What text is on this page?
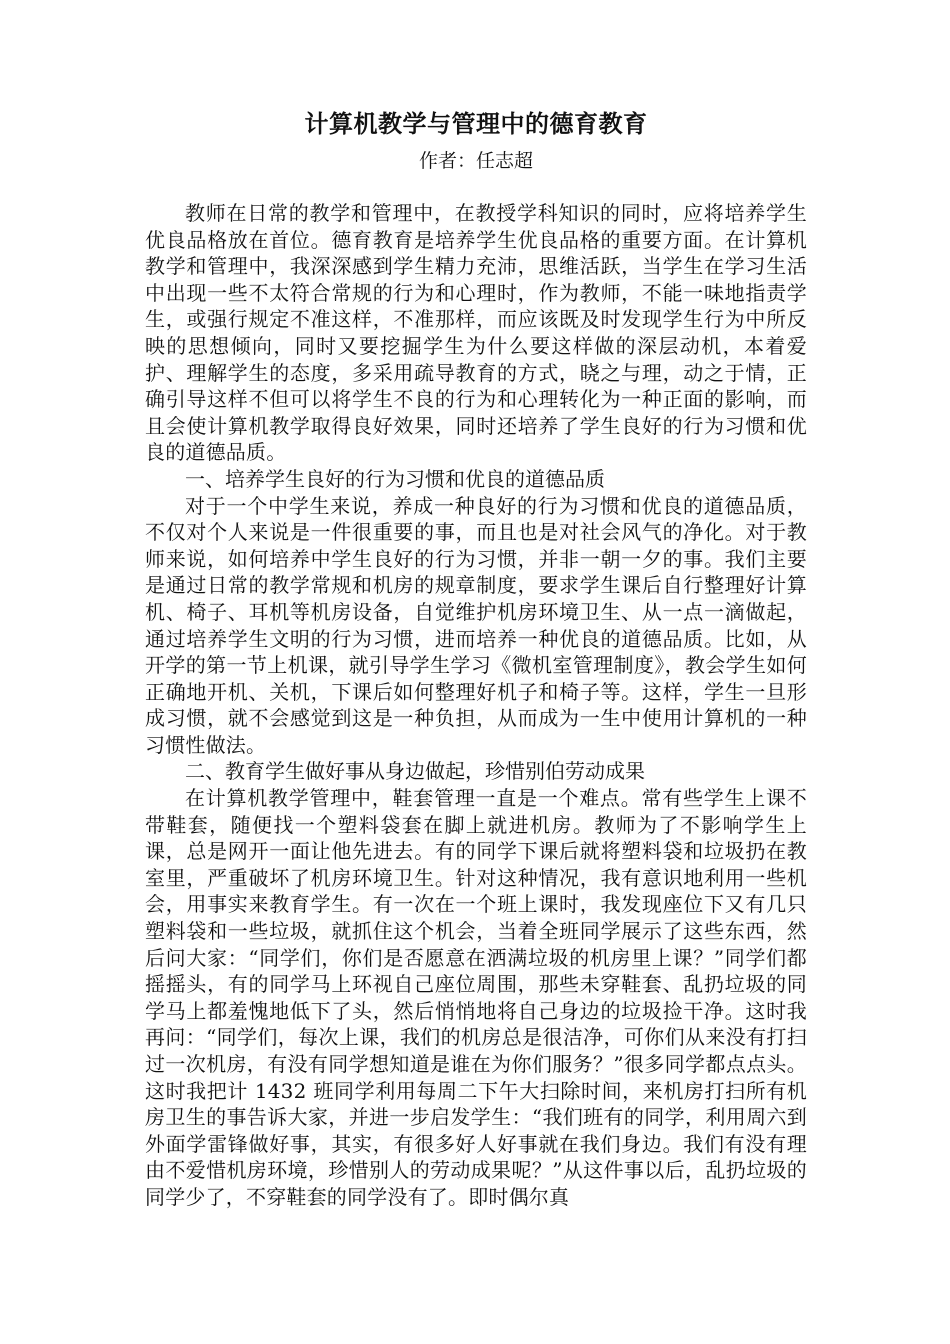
计算机教学与管理中的德育教育
作者：任志超

教师在日常的教学和管理中，在教授学科知识的同时，应将培养学生优良品格放在首位。德育教育是培养学生优良品格的重要方面。在计算机教学和管理中，我深深感到学生精力充沛，思维活跃，当学生在学习生活中出现一些不太符合常规的行为和心理时，作为教师，不能一味地指责学生，或强行规定不准这样，不准那样，而应该既及时发现学生行为中所反映的思想倾向，同时又要挖掘学生为什么要这样做的深层动机，本着爱护、理解学生的态度，多采用疏导教育的方式，晓之与理，动之于情，正确引导这样不但可以将学生不良的行为和心理转化为一种正面的影响，而且会使计算机教学取得良好效果，同时还培养了学生良好的行为习惯和优良的道德品质。

一、培养学生良好的行为习惯和优良的道德品质

对于一个中学生来说，养成一种良好的行为习惯和优良的道德品质，不仅对个人来说是一件很重要的事，而且也是对社会风气的净化。对于教师来说，如何培养中学生良好的行为习惯，并非一朝一夕的事。我们主要是通过日常的教学常规和机房的规章制度，要求学生课后自行整理好计算机、椅子、耳机等机房设备，自觉维护机房环境卫生、从一点一滴做起，通过培养学生文明的行为习惯，进而培养一种优良的道德品质。比如，从开学的第一节上机课，就引导学生学习《微机室管理制度》，教会学生如何正确地开机、关机，下课后如何整理好机子和椅子等。这样，学生一旦形成习惯，就不会感觉到这是一种负担，从而成为一生中使用计算机的一种习惯性做法。

二、教育学生做好事从身边做起，珍惜别伯劳动成果

在计算机教学管理中，鞋套管理一直是一个难点。常有些学生上课不带鞋套，随便找一个塑料袋套在脚上就进机房。教师为了不影响学生上课，总是网开一面让他先进去。有的同学下课后就将塑料袋和垃圾扔在教室里，严重破坏了机房环境卫生。针对这种情况，我有意识地利用一些机会，用事实来教育学生。有一次在一个班上课时，我发现座位下又有几只塑料袋和一些垃圾，就抓住这个机会，当着全班同学展示了这些东西，然后问大家：“同学们，你们是否愿意在洒满垃圾的机房里上课？”同学们都摇摇头，有的同学马上环视自己座位周围，那些未穿鞋套、乱扔垃圾的同学马上都羞愧地低下了头，然后悄悄地将自己身边的垃圾捡干净。这时我再问：“同学们，每次上课，我们的机房总是很洁净，可你们从来没有打扫过一次机房，有没有同学想知道是谁在为你们服务？”很多同学都点点头。这时我把计 1432 班同学利用每周二下午大扫除时间，来机房打扫所有机房卫生的事告诉大家，并进一步启发学生：“我们班有的同学，利用周六到外面学雷锋做好事，其实，有很多好人好事就在我们身边。我们有没有理由不爱惜机房环境，珍惜别人的劳动成果呢？”从这件事以后，乱扔垃圾的同学少了，不穿鞋套的同学没有了。即时偶尔真
